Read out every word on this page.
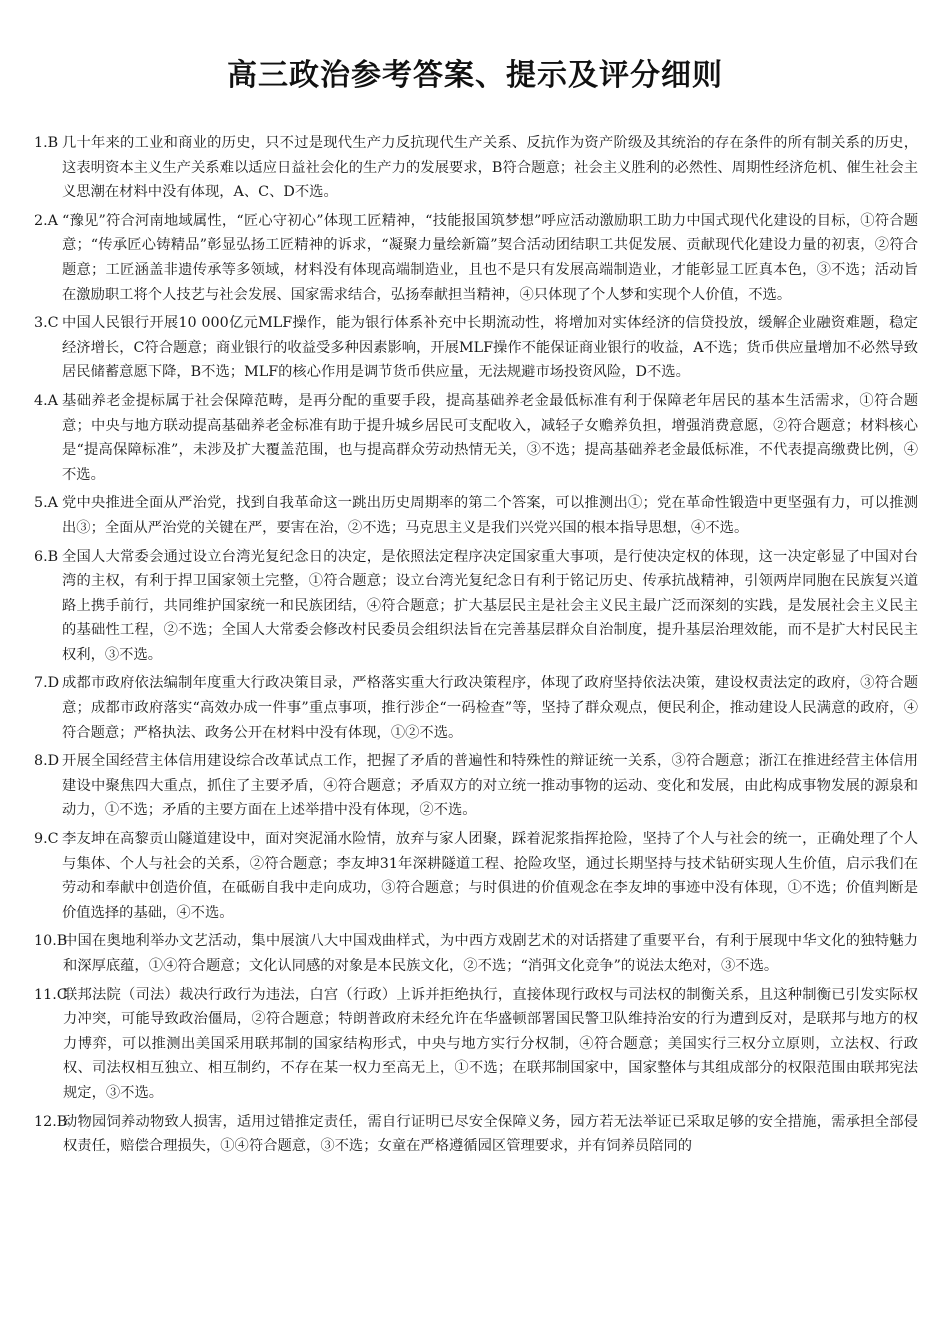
高三政治参考答案、提示及评分细则
1.B 几十年来的工业和商业的历史，只不过是现代生产力反抗现代生产关系、反抗作为资产阶级及其统治的存在条件的所有制关系的历史，这表明资本主义生产关系难以适应日益社会化的生产力的发展要求，B符合题意；社会主义胜利的必然性、周期性经济危机、催生社会主义思潮在材料中没有体现，A、C、D不选。
2.A “豫见”符合河南地域属性，“匠心守初心”体现工匠精神，“技能报国筑梦想”呼应活动激励职工助力中国式现代化建设的目标，①符合题意；“传承匠心铸精品”彰显弘扬工匠精神的诉求，“凝聚力量绘新篇”契合活动团结职工共促发展、贡献现代化建设力量的初衷，②符合题意；工匠涵盖非遗传承等多领域，材料没有体现高端制造业，且也不是只有发展高端制造业，才能彰显工匠真本色，③不选；活动旨在激励职工将个人技艺与社会发展、国家需求结合，弘扬奉献担当精神，④只体现了个人梦和实现个人价值，不选。
3.C 中国人民银行开展10 000亿元MLF操作，能为银行体系补充中长期流动性，将增加对实体经济的信贷投放，缓解企业融资难题，稳定经济增长，C符合题意；商业银行的收益受多种因素影响，开展MLF操作不能保证商业银行的收益，A不选；货币供应量增加不必然导致居民储蓄意愿下降，B不选；MLF的核心作用是调节货币供应量，无法规避市场投资风险，D不选。
4.A 基础养老金提标属于社会保障范畴，是再分配的重要手段，提高基础养老金最低标准有利于保障老年居民的基本生活需求，①符合题意；中央与地方联动提高基础养老金标准有助于提升城乡居民可支配收入，减轻子女赡养负担，增强消费意愿，②符合题意；材料核心是“提高保障标准”，未涉及扩大覆盖范围，也与提高群众劳动热情无关，③不选；提高基础养老金最低标准，不代表提高缴费比例，④不选。
5.A 党中央推进全面从严治党，找到自我革命这一跳出历史周期率的第二个答案，可以推测出①；党在革命性锻造中更坚强有力，可以推测出③；全面从严治党的关键在严，要害在治，②不选；马克思主义是我们兴党兴国的根本指导思想，④不选。
6.B 全国人大常委会通过设立台湾光复纪念日的决定，是依照法定程序决定国家重大事项，是行使决定权的体现，这一决定彰显了中国对台湾的主权，有利于捍卫国家领土完整，①符合题意；设立台湾光复纪念日有利于铭记历史、传承抗战精神，引领两岸同胞在民族复兴道路上携手前行，共同维护国家统一和民族团结，④符合题意；扩大基层民主是社会主义民主最广泛而深刻的实践，是发展社会主义民主的基础性工程，②不选；全国人大常委会修改村民委员会组织法旨在完善基层群众自治制度，提升基层治理效能，而不是扩大村民民主权利，③不选。
7.D 成都市政府依法编制年度重大行政决策目录，严格落实重大行政决策程序，体现了政府坚持依法决策，建设权责法定的政府，③符合题意；成都市政府落实“高效办成一件事”重点事项，推行涉企“一码检查”等，坚持了群众观点，便民利企，推动建设人民满意的政府，④符合题意；严格执法、政务公开在材料中没有体现，①②不选。
8.D 开展全国经营主体信用建设综合改革试点工作，把握了矛盾的普遍性和特殊性的辩证统一关系，③符合题意；浙江在推进经营主体信用建设中聚焦四大重点，抓住了主要矛盾，④符合题意；矛盾双方的对立统一推动事物的运动、变化和发展，由此构成事物发展的源泉和动力，①不选；矛盾的主要方面在上述举措中没有体现，②不选。
9.C 李友坤在高黎贡山隧道建设中，面对突泥涌水险情，放弃与家人团聚，踩着泥浆指挥抢险，坚持了个人与社会的统一，正确处理了个人与集体、个人与社会的关系，②符合题意；李友坤31年深耕隧道工程、抢险攻坚，通过长期坚持与技术钻研实现人生价值，启示我们在劳动和奉献中创造价值，在砥砺自我中走向成功，③符合题意；与时俱进的价值观念在李友坤的事迹中没有体现，①不选；价值判断是价值选择的基础，④不选。
10.B
中国在奥地利举办文艺活动，集中展演八大中国戏曲样式，为中西方戏剧艺术的对话搭建了重要平台，有利于展现中华文化的独特魅力和深厚底蕴，①④符合题意；文化认同感的对象是本民族文化，②不选；“消弭文化竞争”的说法太绝对，③不选。
11.C
联邦法院（司法）裁决行政行为违法，白宫（行政）上诉并拒绝执行，直接体现行政权与司法权的制衡关系，且这种制衡已引发实际权力冲突，可能导致政治僵局，②符合题意；特朗普政府未经允许在华盛顿部署国民警卫队维持治安的行为遭到反对，是联邦与地方的权力博弈，可以推测出美国采用联邦制的国家结构形式，中央与地方实行分权制，④符合题意；美国实行三权分立原则，立法权、行政权、司法权相互独立、相互制约，不存在某一权力至高无上，①不选；在联邦制国家中，国家整体与其组成部分的权限范围由联邦宪法规定，③不选。
12.B
动物园饲养动物致人损害，适用过错推定责任，需自行证明已尽安全保障义务，园方若无法举证已采取足够的安全措施，需承担全部侵权责任，赔偿合理损失，①④符合题意，③不选；女童在严格遵循园区管理要求，并有饲养员陪同的
